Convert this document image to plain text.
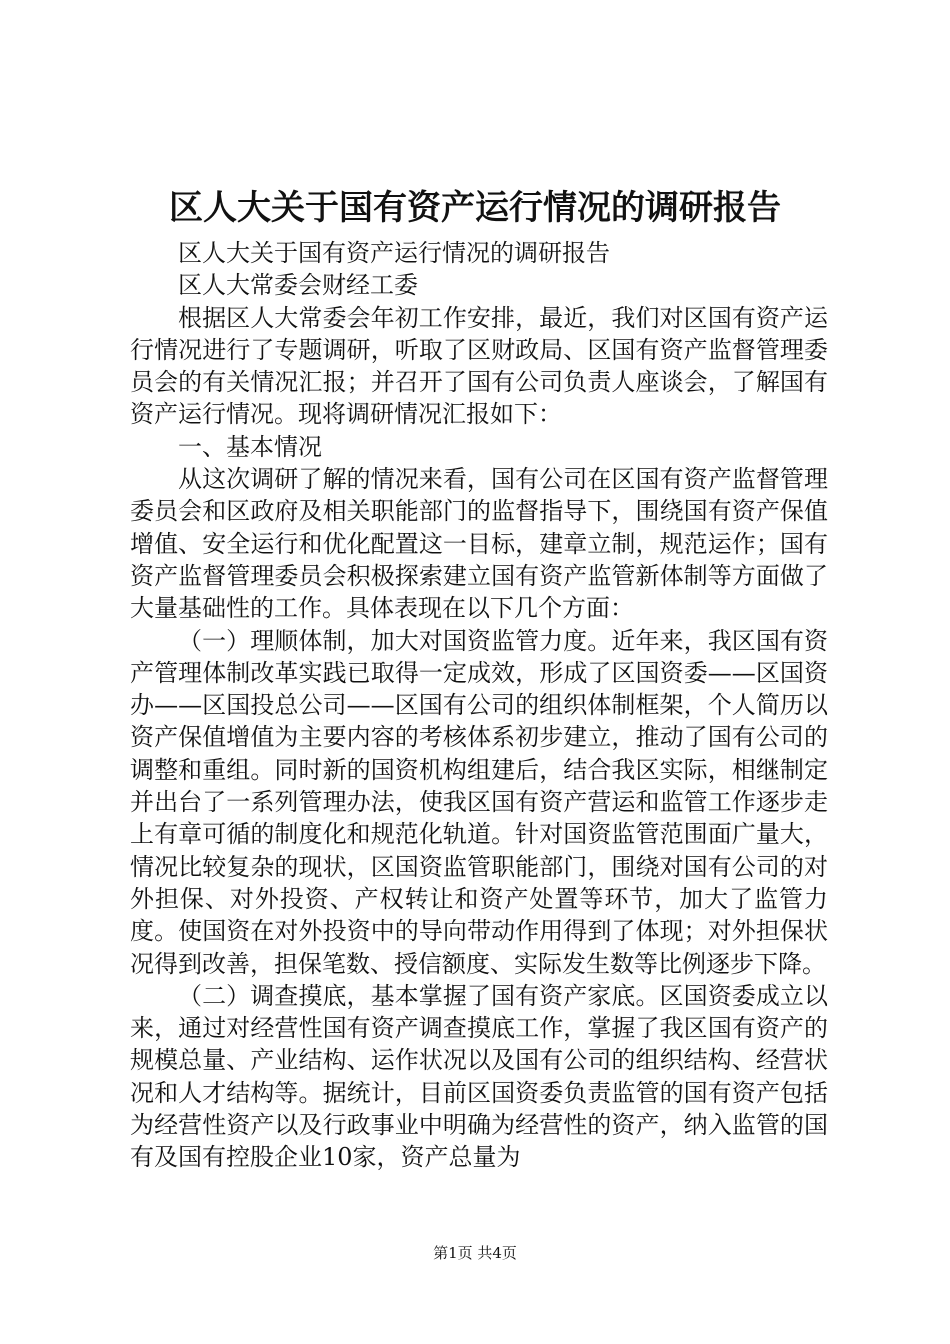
区人大关于国有资产运行情况的调研报告

区人大关于国有资产运行情况的调研报告

区人大常委会财经工委

根据区人大常委会年初工作安排，最近，我们对区国有资产运行情况进行了专题调研，听取了区财政局、区国有资产监督管理委员会的有关情况汇报；并召开了国有公司负责人座谈会，了解国有资产运行情况。现将调研情况汇报如下：

一、基本情况

从这次调研了解的情况来看，国有公司在区国有资产监督管理委员会和区政府及相关职能部门的监督指导下，围绕国有资产保值增值、安全运行和优化配置这一目标，建章立制，规范运作；国有资产监督管理委员会积极探索建立国有资产监管新体制等方面做了大量基础性的工作。具体表现在以下几个方面：

（一）理顺体制，加大对国资监管力度。近年来，我区国有资产管理体制改革实践已取得一定成效，形成了区国资委——区国资办——区国投总公司——区国有公司的组织体制框架，个人简历以资产保值增值为主要内容的考核体系初步建立，推动了国有公司的调整和重组。同时新的国资机构组建后，结合我区实际，相继制定并出台了一系列管理办法，使我区国有资产营运和监管工作逐步走上有章可循的制度化和规范化轨道。针对国资监管范围面广量大，情况比较复杂的现状，区国资监管职能部门，围绕对国有公司的对外担保、对外投资、产权转让和资产处置等环节，加大了监管力度。使国资在对外投资中的导向带动作用得到了体现；对外担保状况得到改善，担保笔数、授信额度、实际发生数等比例逐步下降。

（二）调查摸底，基本掌握了国有资产家底。区国资委成立以来，通过对经营性国有资产调查摸底工作，掌握了我区国有资产的规模总量、产业结构、运作状况以及国有公司的组织结构、经营状况和人才结构等。据统计，目前区国资委负责监管的国有资产包括为经营性资产以及行政事业中明确为经营性的资产，纳入监管的国有及国有控股企业10家，资产总量为

第1页 共4页
